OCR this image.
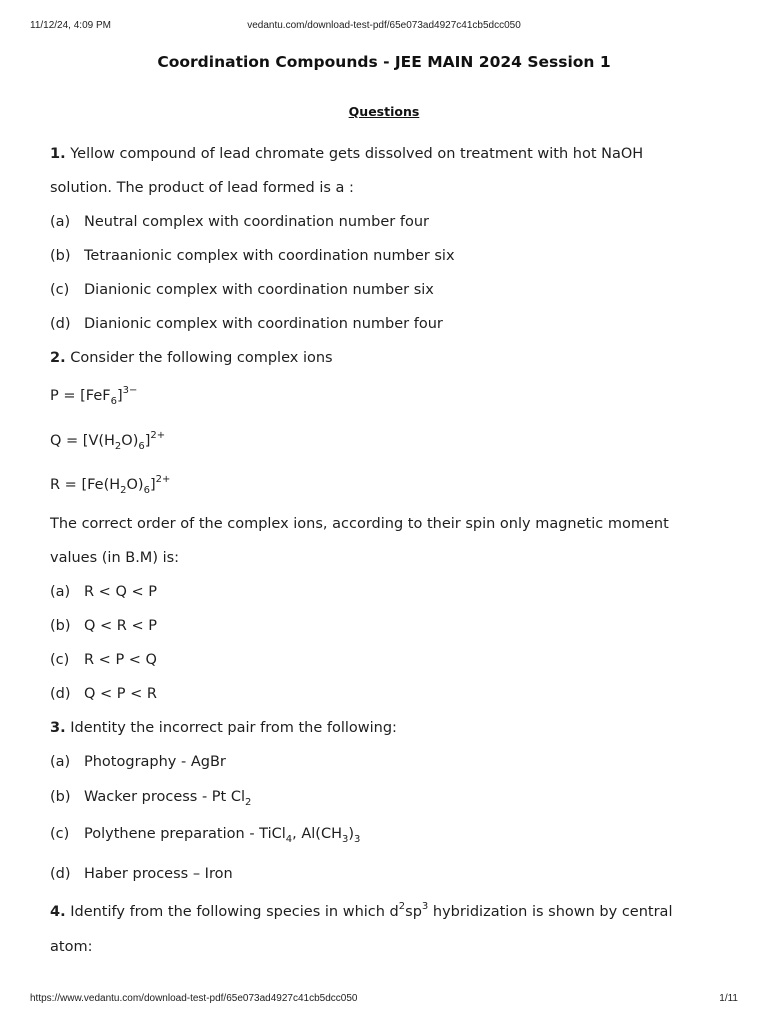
11/12/24, 4:09 PM	vedantu.com/download-test-pdf/65e073ad4927c41cb5dcc050
Coordination Compounds - JEE MAIN 2024 Session 1
Questions
1. Yellow compound of lead chromate gets dissolved on treatment with hot NaOH
solution. The product of lead formed is a :
(a) Neutral complex with coordination number four
(b) Tetraanionic complex with coordination number six
(c) Dianionic complex with coordination number six
(d) Dianionic complex with coordination number four
2. Consider the following complex ions
$P = [FeF_6]^{3-}$
$Q = [V(H_2O)_6]^{2+}$
$R = [Fe(H_2O)_6]^{2+}$
The correct order of the complex ions, according to their spin only magnetic moment
values (in B.M) is:
(a) R < Q < P
(b) Q < R < P
(c) R < P < Q
(d) Q < P < R
3. Identity the incorrect pair from the following:
(a) Photography - AgBr
(b) Wacker process - Pt $Cl_2$
(c) Polythene preparation - TiCl$_4$, $Al(CH_3)_3$
(d) Haber process – Iron
4. Identify from the following species in which $d^2sp^3$ hybridization is shown by central
atom:
https://www.vedantu.com/download-test-pdf/65e073ad4927c41cb5dcc050	1/11
